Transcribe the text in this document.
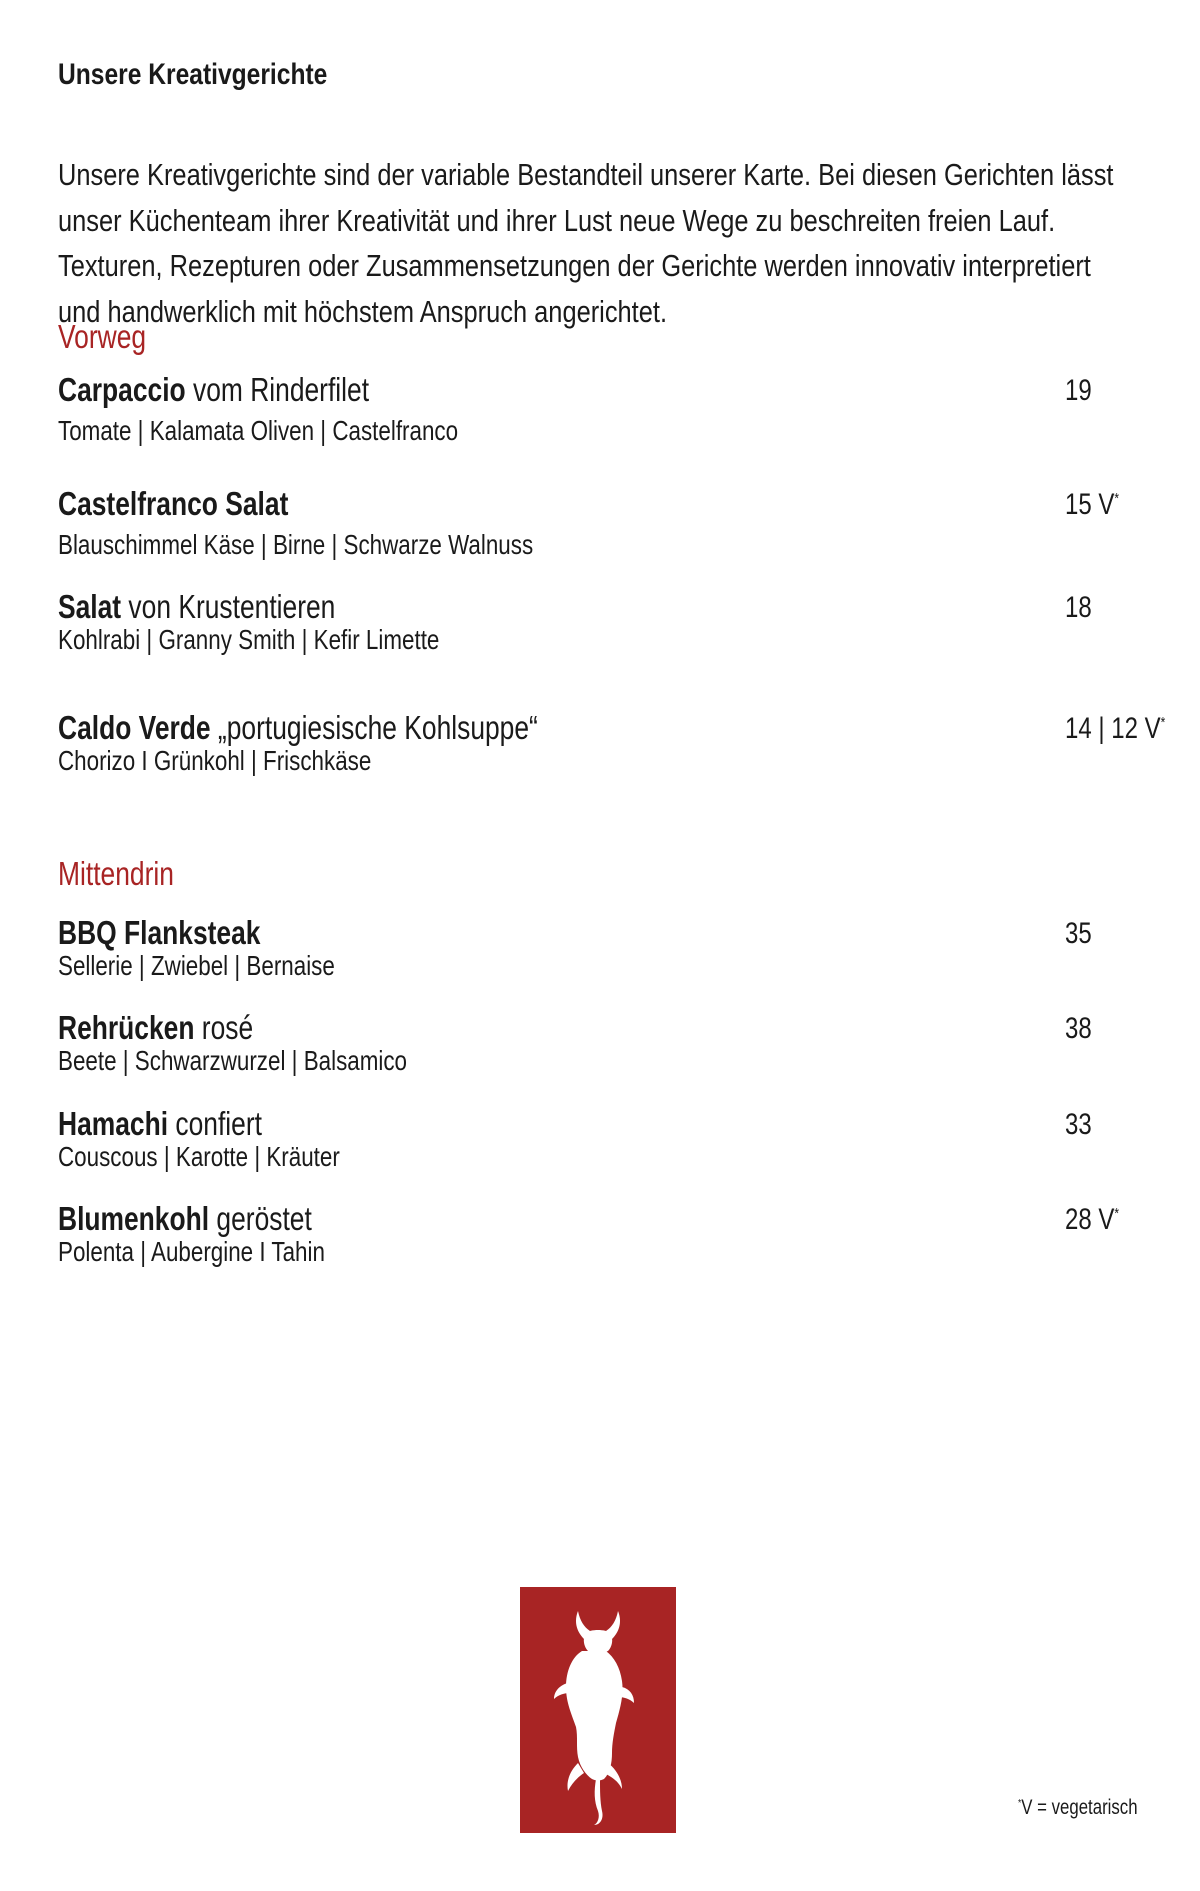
Unsere Kreativgerichte
Unsere Kreativgerichte sind der variable Bestandteil unserer Karte. Bei diesen Gerichten lässt
unser Küchenteam ihrer Kreativität und ihrer Lust neue Wege zu beschreiten freien Lauf.
Texturen, Rezepturen oder Zusammensetzungen der Gerichte werden innovativ interpretiert
und handwerklich mit höchstem Anspruch angerichtet.
Vorweg
Carpaccio vom Rinderfilet
Tomate | Kalamata Oliven | Castelfranco
19
Castelfranco Salat
Blauschimmel Käse | Birne | Schwarze Walnuss
15 V*
Salat von Krustentieren
Kohlrabi | Granny Smith | Kefir Limette
18
Caldo Verde „portugiesische Kohlsuppe“
Chorizo I Grünkohl | Frischkäse
14 | 12 V*
Mittendrin
BBQ Flanksteak
Sellerie | Zwiebel | Bernaise
35
Rehrücken rosé
Beete | Schwarzwurzel | Balsamico
38
Hamachi confiert
Couscous | Karotte | Kräuter
33
Blumenkohl geröstet
Polenta | Aubergine I Tahin
28 V*
*V = vegetarisch
